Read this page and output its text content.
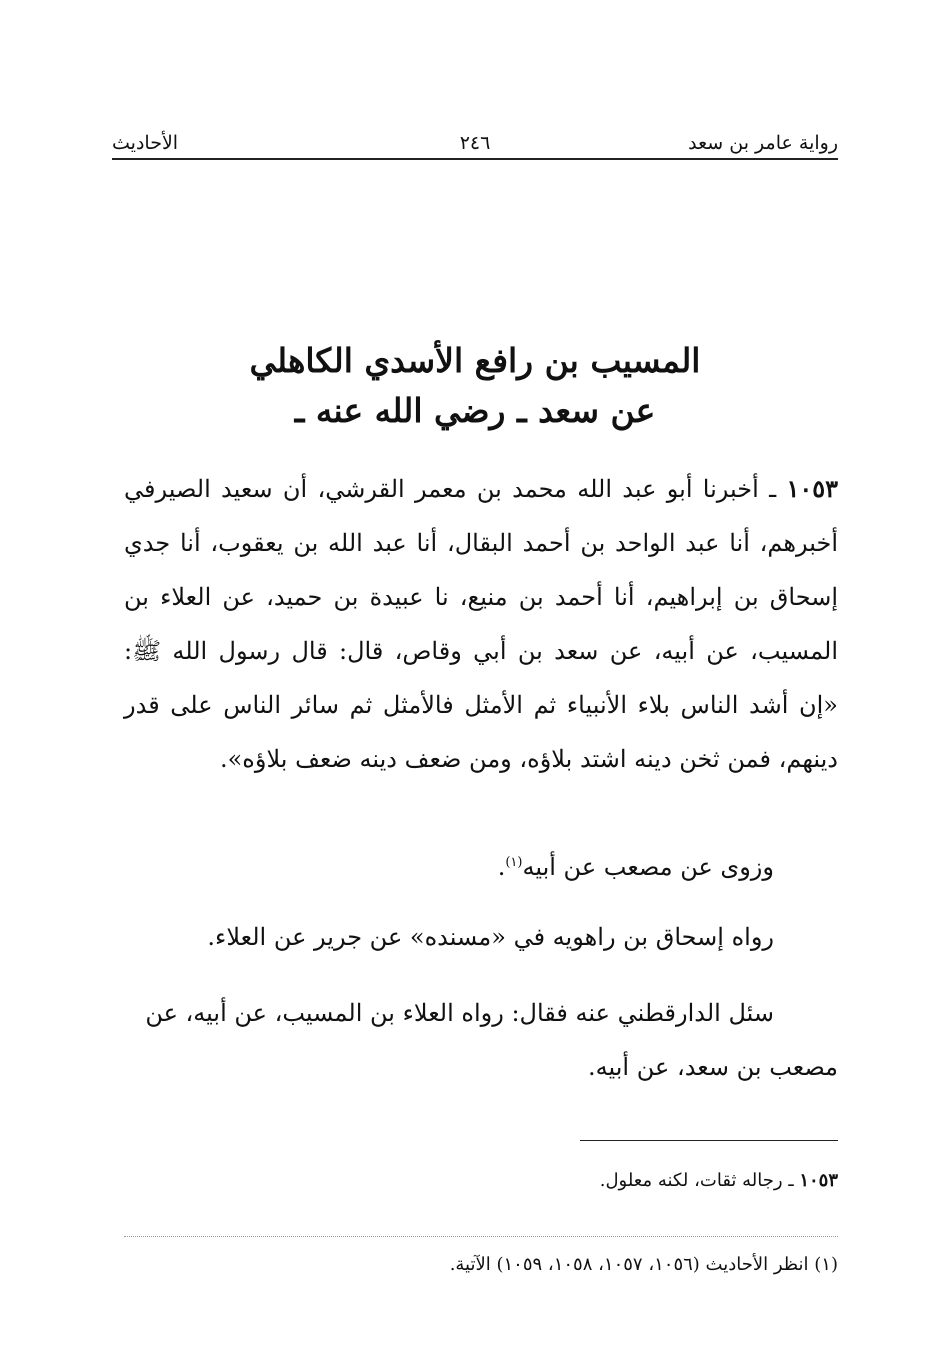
رواية عامر بن سعد
٢٤٦
الأحاديث
المسيب بن رافع الأسدي الكاهلي
عن سعد ـ رضي الله عنه ـ
١٠٥٣ ـ أخبرنا أبو عبد الله محمد بن معمر القرشي، أن سعيد الصيرفي أخبرهم، أنا عبد الواحد بن أحمد البقال، أنا عبد الله بن يعقوب، أنا جدي إسحاق بن إبراهيم، أنا أحمد بن منيع، نا عبيدة بن حميد، عن العلاء بن المسيب، عن أبيه، عن سعد بن أبي وقاص، قال: قال رسول الله ﷺ: «إن أشد الناس بلاء الأنبياء ثم الأمثل فالأمثل ثم سائر الناس على قدر دينهم، فمن ثخن دينه اشتد بلاؤه، ومن ضعف دينه ضعف بلاؤه».
وزوى عن مصعب عن أبيه$^{(١)}$.
رواه إسحاق بن راهويه في «مسنده» عن جرير عن العلاء.
سئل الدارقطني عنه فقال: رواه العلاء بن المسيب، عن أبيه، عن مصعب بن سعد، عن أبيه.
١٠٥٣ ـ رجاله ثقات، لكنه معلول.
(١) انظر الأحاديث (١٠٥٦، ١٠٥٧، ١٠٥٨، ١٠٥٩) الآتية.
